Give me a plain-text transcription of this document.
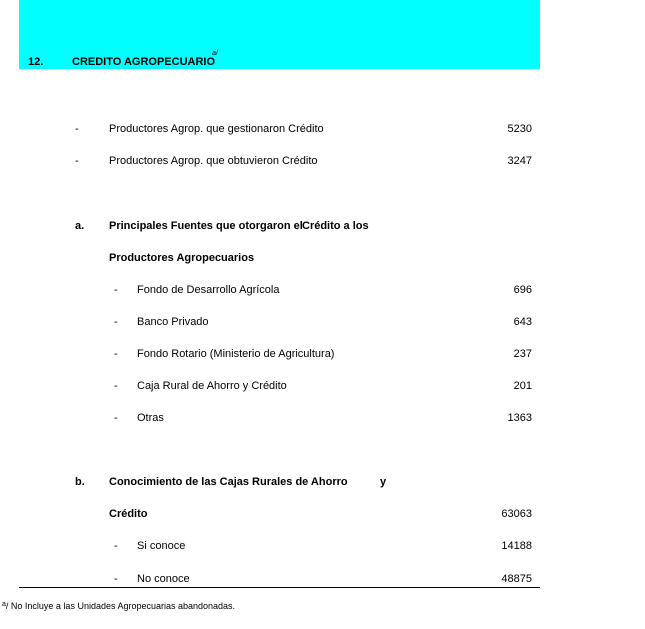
12.	CREDITO AGROPECUARIO
a/
-	Productores Agrop. que gestionaron Crédito	5230
-	Productores Agrop. que obtuvieron Crédito	3247
a. Principales Fuentes que otorgaron el Crédito a los
Productores Agropecuarios
- Fondo de Desarrollo Agrícola	696
- Banco Privado	643
- Fondo Rotario (Ministerio de Agricultura)	237
- Caja Rural de Ahorro y Crédito	201
- Otras	1363
b. Conocimiento de las Cajas Rurales de Ahorro	y
Crédito	63063
- Si conoce	14188
- No conoce	48875
$^a$/ No Incluye a las Unidades Agropecuarias abandonadas.
